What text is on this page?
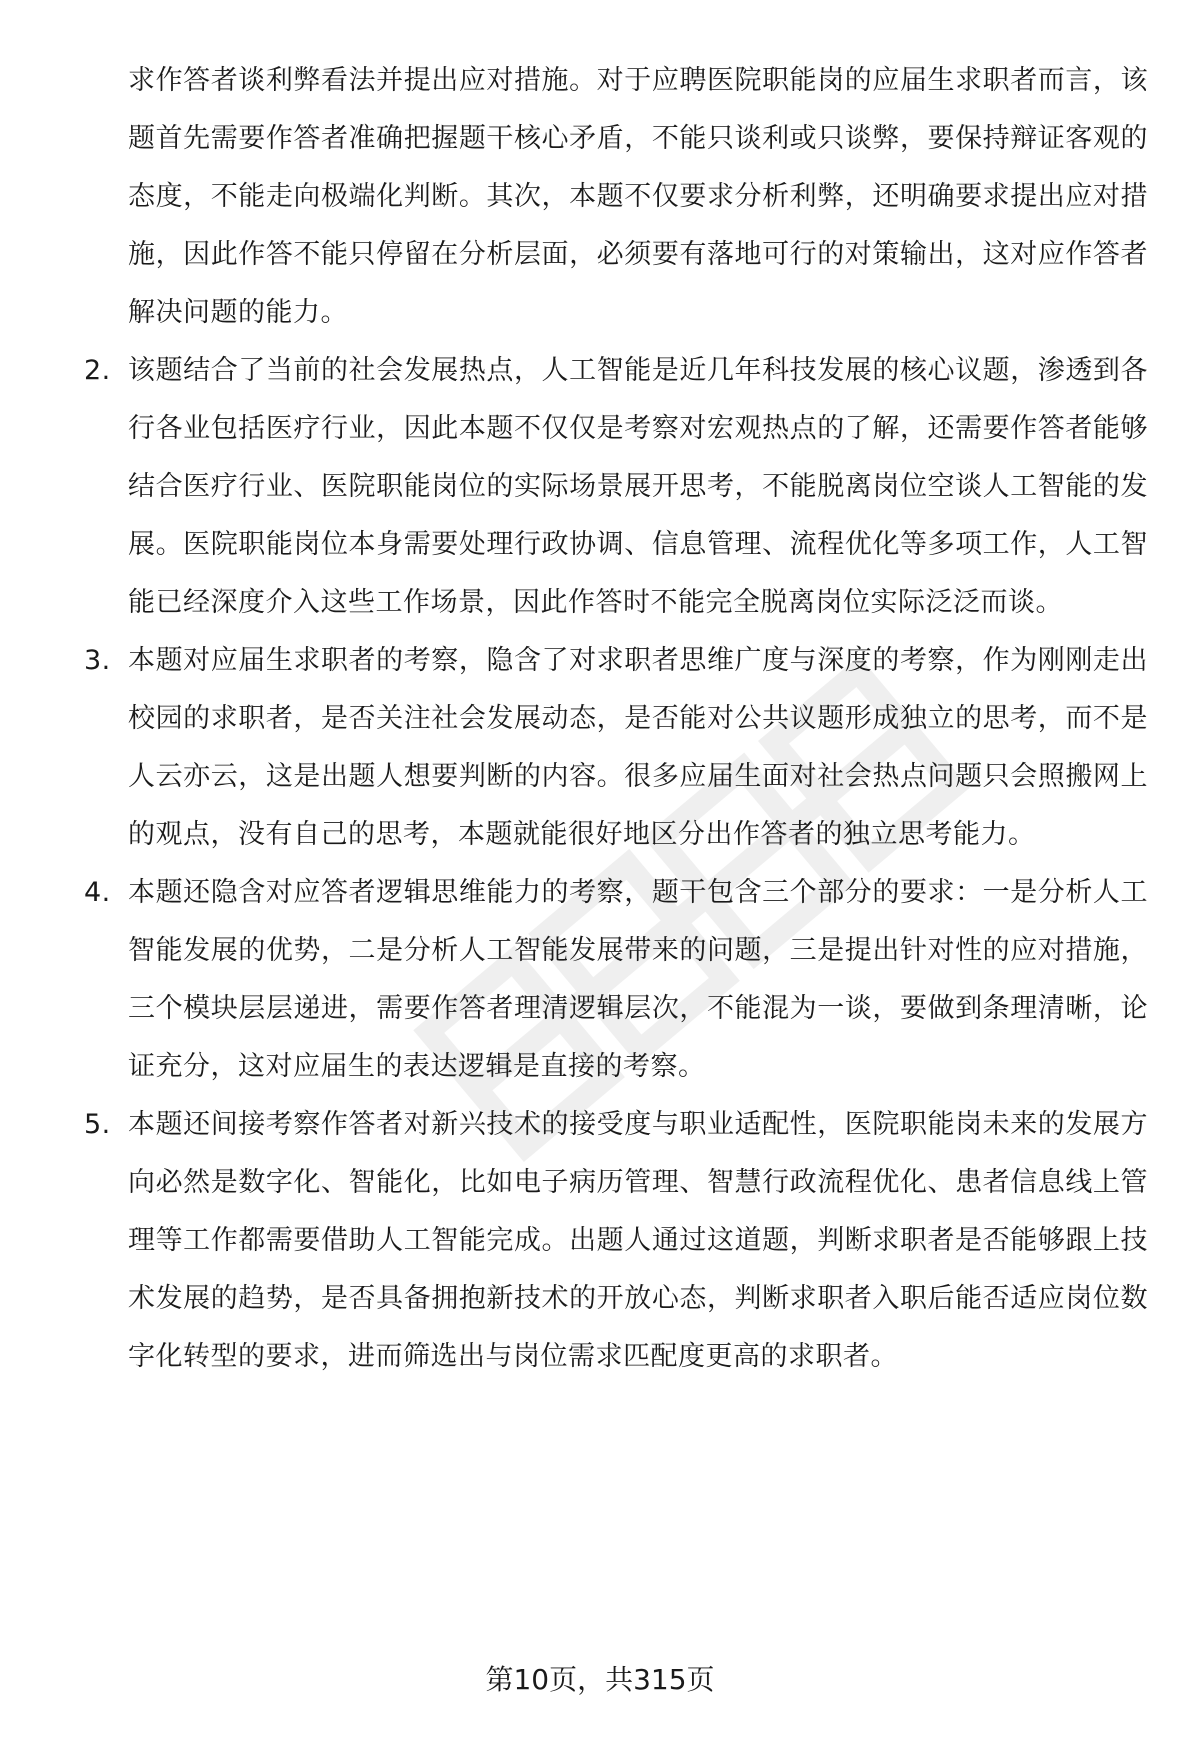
求作答者谈利弊看法并提出应对措施。对于应聘医院职能岗的应届生求职者而言，该题首先需要作答者准确把握题干核心矛盾，不能只谈利或只谈弊，要保持辩证客观的态度，不能走向极端化判断。其次，本题不仅要求分析利弊，还明确要求提出应对措施，因此作答不能只停留在分析层面，必须要有落地可行的对策输出，这对应作答者解决问题的能力。

2. 该题结合了当前的社会发展热点，人工智能是近几年科技发展的核心议题，渗透到各行各业包括医疗行业，因此本题不仅仅是考察对宏观热点的了解，还需要作答者能够结合医疗行业、医院职能岗位的实际场景展开思考，不能脱离岗位空谈人工智能的发展。医院职能岗位本身需要处理行政协调、信息管理、流程优化等多项工作，人工智能已经深度介入这些工作场景，因此作答时不能完全脱离岗位实际泛泛而谈。
3. 本题对应届生求职者的考察，隐含了对求职者思维广度与深度的考察，作为刚刚走出校园的求职者，是否关注社会发展动态，是否能对公共议题形成独立的思考，而不是人云亦云，这是出题人想要判断的内容。很多应届生面对社会热点问题只会照搬网上的观点，没有自己的思考，本题就能很好地区分出作答者的独立思考能力。
4. 本题还隐含对应答者逻辑思维能力的考察，题干包含三个部分的要求：一是分析人工智能发展的优势，二是分析人工智能发展带来的问题，三是提出针对性的应对措施，三个模块层层递进，需要作答者理清逻辑层次，不能混为一谈，要做到条理清晰，论证充分，这对应届生的表达逻辑是直接的考察。
5. 本题还间接考察作答者对新兴技术的接受度与职业适配性，医院职能岗未来的发展方向必然是数字化、智能化，比如电子病历管理、智慧行政流程优化、患者信息线上管理等工作都需要借助人工智能完成。出题人通过这道题，判断求职者是否能够跟上技术发展的趋势，是否具备拥抱新技术的开放心态，判断求职者入职后能否适应岗位数字化转型的要求，进而筛选出与岗位需求匹配度更高的求职者。
第10页，共315页
